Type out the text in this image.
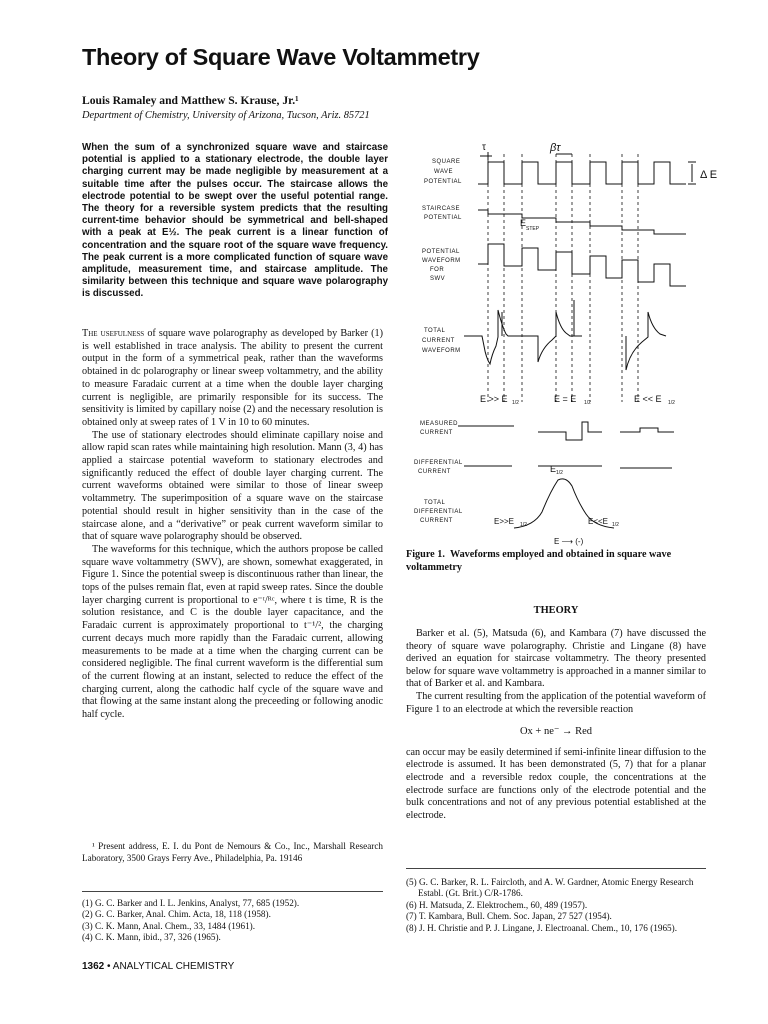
Theory of Square Wave Voltammetry
Louis Ramaley and Matthew S. Krause, Jr.¹
Department of Chemistry, University of Arizona, Tucson, Ariz. 85721
When the sum of a synchronized square wave and staircase potential is applied to a stationary electrode, the double layer charging current may be made negligible by measurement at a suitable time after the pulses occur. The staircase allows the electrode potential to be swept over the useful potential range. The theory for a reversible system predicts that the resulting current-time behavior should be symmetrical and bell-shaped with a peak at E½. The peak current is a linear function of concentration and the square root of the square wave frequency. The peak current is a more complicated function of square wave amplitude, measurement time, and staircase amplitude. The similarity between this technique and square wave polarography is discussed.

The usefulness of square wave polarography as developed by Barker (1) is well established in trace analysis. The ability to present the current output in the form of a symmetrical peak, rather than the waveforms obtained in dc polarography or linear sweep voltammetry, and the ability to measure Faradaic current at a time when the double layer charging current is negligible, are primarily responsible for its success. The sensitivity is limited by capillary noise (2) and the necessary resolution is obtained only at sweep rates of 1 V in 10 to 60 minutes.

The use of stationary electrodes should eliminate capillary noise and allow rapid scan rates while maintaining high resolution. Mann (3, 4) has applied a staircase potential waveform to stationary electrodes and significantly reduced the effect of double layer charging current. The current waveforms obtained were similar to those of linear sweep voltammetry. The superimposition of a square wave on the staircase potential should result in higher sensitivity than in the case of the staircase alone, and a “derivative” or peak current waveform similar to that of square wave polarography should be observed.

The waveforms for this technique, which the authors propose be called square wave voltammetry (SWV), are shown, somewhat exaggerated, in Figure 1. Since the potential sweep is discontinuous rather than linear, the tops of the pulses remain flat, even at rapid sweep rates. Since the double layer charging current is proportional to e⁻ᵗ/ᴿᶜ, where t is time, R is the solution resistance, and C is the double layer capacitance, and the Faradaic current is approximately proportional to t⁻¹/², the charging current decays much more rapidly than the Faradaic current, allowing measurements to be made at a time when the charging current can be considered negligible. The final current waveform is the differential sum of the current flowing at an instant, selected to reduce the effect of the charging current, along the cathodic half cycle of the square wave and that flowing at the same instant along the preceeding or following anodic half cycle.

¹ Present address, E. I. du Pont de Nemours & Co., Inc., Marshall Research Laboratory, 3500 Grays Ferry Ave., Philadelphia, Pa. 19146

(1) G. C. Barker and I. L. Jenkins, Analyst, 77, 685 (1952).
(2) G. C. Barker, Anal. Chim. Acta, 18, 118 (1958).
(3) C. K. Mann, Anal. Chem., 33, 1484 (1961).
(4) C. K. Mann, ibid., 37, 326 (1965).
1362 • ANALYTICAL CHEMISTRY
SQUARE
WAVE
POTENTIAL
STAIRCASE
POTENTIAL
POTENTIAL
WAVEFORM
FOR
SWV
TOTAL
CURRENT
WAVEFORM
MEASURED
CURRENT
DIFFERENTIAL
CURRENT
TOTAL
DIFFERENTIAL
CURRENT
τ	βτ
Δ E
E
STEP
E >> E 1/2	E = E 1/2	E << E 1/2
E 1/2
E>>E 1/2	E<<E 1/2
E ⟶ (-)
Figure 1. Waveforms employed and obtained in square wave voltammetry
THEORY

Barker et al. (5), Matsuda (6), and Kambara (7) have discussed the theory of square wave polarography. Christie and Lingane (8) have derived an equation for staircase voltammetry. The theory presented below for square wave voltammetry is approached in a manner similar to that of Barker et al. and Kambara.

The current resulting from the application of the potential waveform of Figure 1 to an electrode at which the reversible reaction

Ox + ne⁻ → Red

can occur may be easily determined if semi-infinite linear diffusion to the electrode is assumed. It has been demonstrated (5, 7) that for a planar electrode and a reversible redox couple, the concentrations at the electrode surface are functions only of the electrode potential and the bulk concentrations and not of any previous potential established at the electrode.

(5) G. C. Barker, R. L. Faircloth, and A. W. Gardner, Atomic Energy Research Establ. (Gt. Brit.) C/R-1786.
(6) H. Matsuda, Z. Elektrochem., 60, 489 (1957).
(7) T. Kambara, Bull. Chem. Soc. Japan, 27 527 (1954).
(8) J. H. Christie and P. J. Lingane, J. Electroanal. Chem., 10, 176 (1965).
